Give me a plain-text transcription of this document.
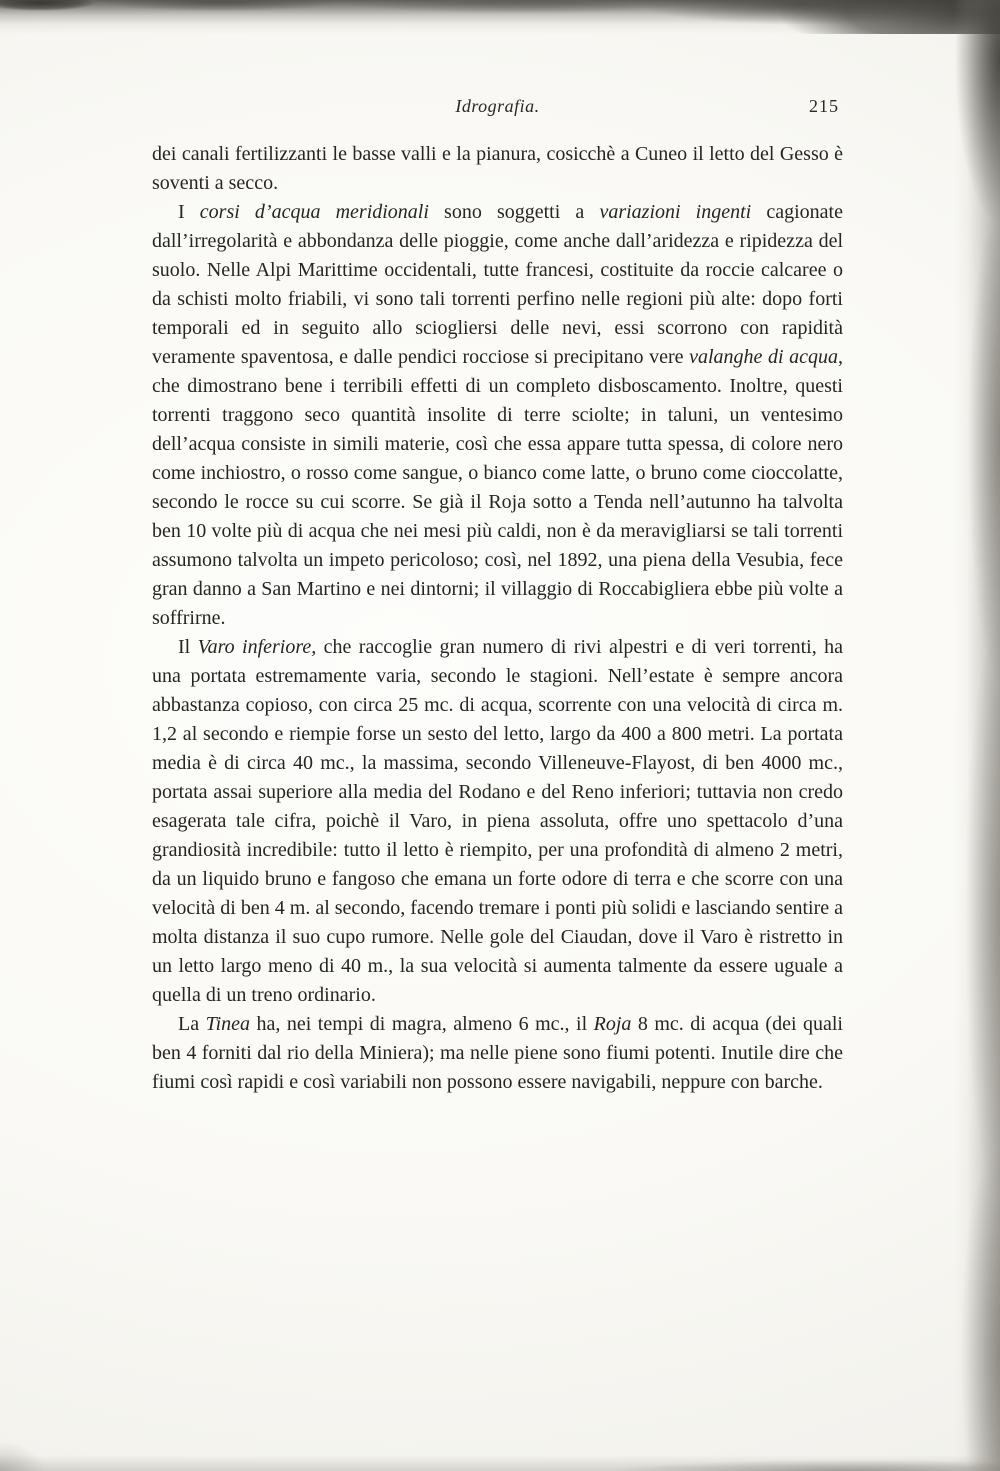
Idrografia.	215

dei canali fertilizzanti le basse valli e la pianura, cosicchè a Cuneo il letto del Gesso è soventi a secco.

I corsi d’acqua meridionali sono soggetti a variazioni ingenti cagionate dall’irregolarità e abbondanza delle pioggie, come anche dall’aridezza e ripidezza del suolo. Nelle Alpi Marittime occidentali, tutte francesi, costituite da roccie calcaree o da schisti molto friabili, vi sono tali torrenti perfino nelle regioni più alte: dopo forti temporali ed in seguito allo sciogliersi delle nevi, essi scorrono con rapidità veramente spaventosa, e dalle pendici rocciose si precipitano vere valanghe di acqua, che dimostrano bene i terribili effetti di un completo disboscamento. Inoltre, questi torrenti traggono seco quantità insolite di terre sciolte; in taluni, un ventesimo dell’acqua consiste in simili materie, così che essa appare tutta spessa, di colore nero come inchiostro, o rosso come sangue, o bianco come latte, o bruno come cioccolatte, secondo le rocce su cui scorre. Se già il Roja sotto a Tenda nell’autunno ha talvolta ben 10 volte più di acqua che nei mesi più caldi, non è da meravigliarsi se tali torrenti assumono talvolta un impeto pericoloso; così, nel 1892, una piena della Vesubia, fece gran danno a San Martino e nei dintorni; il villaggio di Roccabigliera ebbe più volte a soffrirne.

Il Varo inferiore, che raccoglie gran numero di rivi alpestri e di veri torrenti, ha una portata estremamente varia, secondo le stagioni. Nell’estate è sempre ancora abbastanza copioso, con circa 25 mc. di acqua, scorrente con una velocità di circa m. 1,2 al secondo e riempie forse un sesto del letto, largo da 400 a 800 metri. La portata media è di circa 40 mc., la massima, secondo Villeneuve-Flayost, di ben 4000 mc., portata assai superiore alla media del Rodano e del Reno inferiori; tuttavia non credo esagerata tale cifra, poichè il Varo, in piena assoluta, offre uno spettacolo d’una grandiosità incredibile: tutto il letto è riempito, per una profondità di almeno 2 metri, da un liquido bruno e fangoso che emana un forte odore di terra e che scorre con una velocità di ben 4 m. al secondo, facendo tremare i ponti più solidi e lasciando sentire a molta distanza il suo cupo rumore. Nelle gole del Ciaudan, dove il Varo è ristretto in un letto largo meno di 40 m., la sua velocità si aumenta talmente da essere uguale a quella di un treno ordinario.

La Tinea ha, nei tempi di magra, almeno 6 mc., il Roja 8 mc. di acqua (dei quali ben 4 forniti dal rio della Miniera); ma nelle piene sono fiumi potenti. Inutile dire che fiumi così rapidi e così variabili non possono essere navigabili, neppure con barche.
